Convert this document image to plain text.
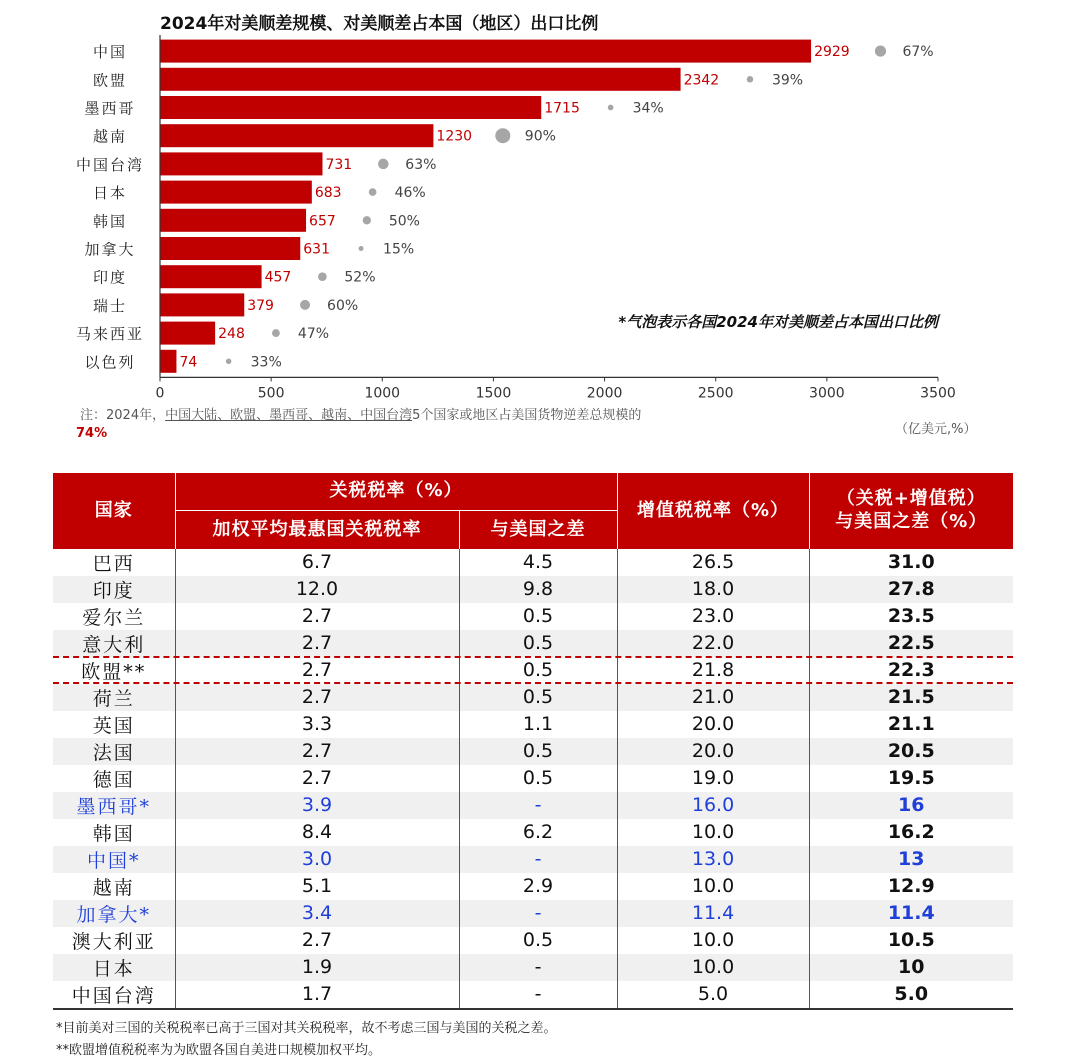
2024年对美顺差规模、对美顺差占本国（地区）出口比例
中国	2929	67%
欧盟	2342	39%
墨西哥	1715	34%
越南	1230	90%
中国台湾	731	63%
日本	683	46%
韩国	657	50%
加拿大	631	15%
印度	457	52%
瑞士	379	60%
马来西亚	248	47%
以色列	74	33%
0	500	1000	1500	2000	2500	3000	3500
*气泡表示各国2024年对美顺差占本国出口比例
注：2024年，中国大陆、欧盟、墨西哥、越南、中国台湾5个国家或地区占美国货物逆差总规模的
74%	（亿美元,%）
国家	关税税率（%）		增值税税率（%）	（关税+增值税）
与美国之差（%）

	加权平均最惠国关税税率	与美国之差		
巴西	6.7	4.5	26.5	31.0
印度	12.0	9.8	18.0	27.8
爱尔兰	2.7	0.5	23.0	23.5
意大利	2.7	0.5	22.0	22.5
欧盟**	2.7	0.5	21.8	22.3
荷兰	2.7	0.5	21.0	21.5
英国	3.3	1.1	20.0	21.1
法国	2.7	0.5	20.0	20.5
德国	2.7	0.5	19.0	19.5
墨西哥*	3.9	-	16.0	16
韩国	8.4	6.2	10.0	16.2
中国*	3.0	-	13.0	13
越南	5.1	2.9	10.0	12.9
加拿大*	3.4	-	11.4	11.4
澳大利亚	2.7	0.5	10.0	10.5
日本	1.9	-	10.0	10
中国台湾	1.7	-	5.0	5.0
*目前美对三国的关税税率已高于三国对其关税税率，故不考虑三国与美国的关税之差。
**欧盟增值税税率为为欧盟各国自美进口规模加权平均。
